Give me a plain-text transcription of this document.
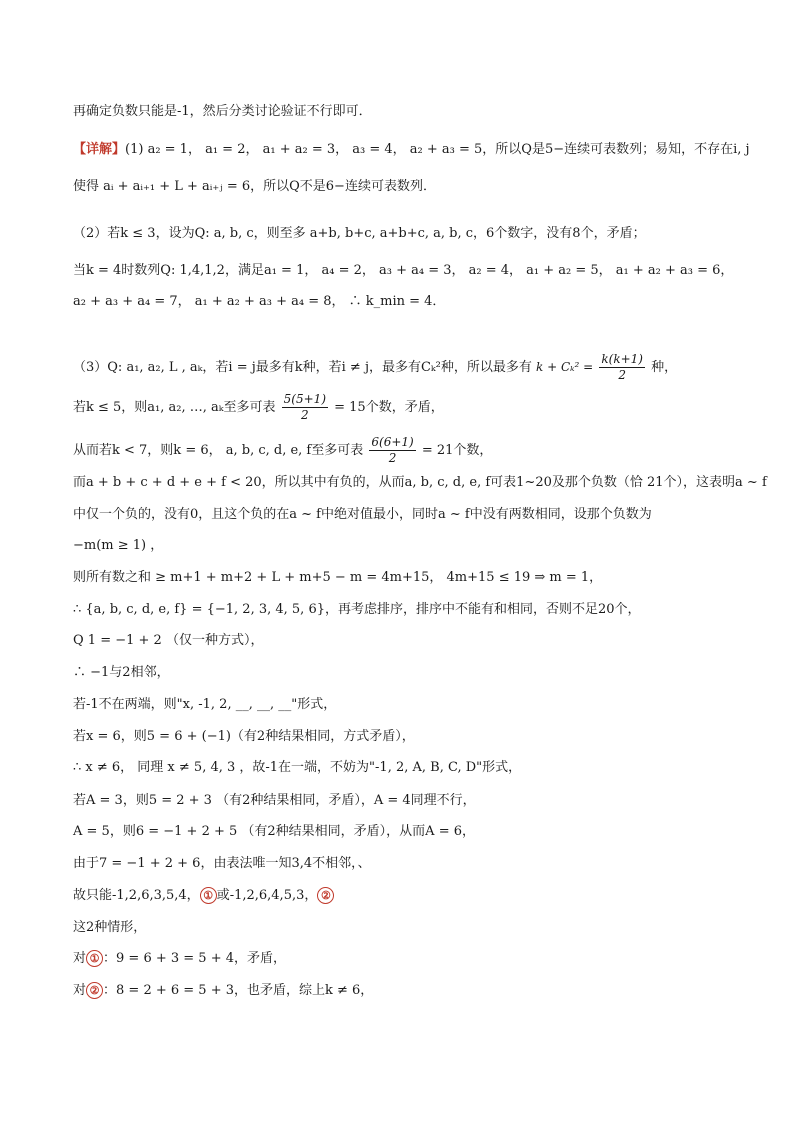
再确定负数只能是-1，然后分类讨论验证不行即可．
【详解】(1) a₂ = 1， a₁ = 2， a₁ + a₂ = 3， a₃ = 4， a₂ + a₃ = 5，所以Q是5−连续可表数列；易知，不存在i, j
使得 aᵢ + aᵢ₊₁ + L + aᵢ₊ⱼ = 6，所以Q不是6−连续可表数列．
（2）若k ≤ 3，设为Q: a, b, c，则至多 a+b, b+c, a+b+c, a, b, c，6个数字，没有8个，矛盾；
当k = 4时数列Q: 1,4,1,2，满足a₁ = 1， a₄ = 2， a₃ + a₄ = 3， a₂ = 4， a₁ + a₂ = 5， a₁ + a₂ + a₃ = 6，
a₂ + a₃ + a₄ = 7， a₁ + a₂ + a₃ + a₄ = 8， ∴ k_min = 4．
（3）Q: a₁, a₂, L , aₖ，若i = j最多有k种，若i ≠ j，最多有Cₖ²种，所以最多有 $k + C_k^2 = \frac{k(k+1)}{2}$ 种，
若k ≤ 5，则a₁, a₂, …, aₖ至多可表 $\frac{5(5+1)}{2} = 15$个数，矛盾，
从而若k < 7，则k = 6， a, b, c, d, e, f至多可表 $\frac{6(6+1)}{2} = 21$个数，
而a + b + c + d + e + f < 20，所以其中有负的，从而a, b, c, d, e, f可表1~20及那个负数（恰 21个），这表明a ~ f
中仅一个负的，没有0，且这个负的在a ~ f中绝对值最小，同时a ~ f中没有两数相同，设那个负数为
−m(m ≥ 1) ，
则所有数之和 ≥ m+1 + m+2 + L + m+5 − m = 4m+15， 4m+15 ≤ 19 ⇒ m = 1，
∴ {a, b, c, d, e, f} = {−1, 2, 3, 4, 5, 6}，再考虑排序，排序中不能有和相同，否则不足20个，
Q 1 = −1 + 2 （仅一种方式），
∴ −1与2相邻，
若-1不在两端，则"x, -1, 2, __, __, __"形式，
若x = 6，则5 = 6 + (−1)（有2种结果相同，方式矛盾），
∴ x ≠ 6， 同理 x ≠ 5, 4, 3 ，故-1在一端，不妨为"-1, 2, A, B, C, D"形式，
若A = 3，则5 = 2 + 3 （有2种结果相同，矛盾），A = 4同理不行，
A = 5，则6 = −1 + 2 + 5 （有2种结果相同，矛盾），从而A = 6，
由于7 = −1 + 2 + 6，由表法唯一知3,4不相邻，、
故只能-1,2,6,3,5,4， ① 或-1,2,6,4,5,3， ②
这2种情形，
对 ① ：9 = 6 + 3 = 5 + 4，矛盾，
对 ② ：8 = 2 + 6 = 5 + 3，也矛盾，综上k ≠ 6，
